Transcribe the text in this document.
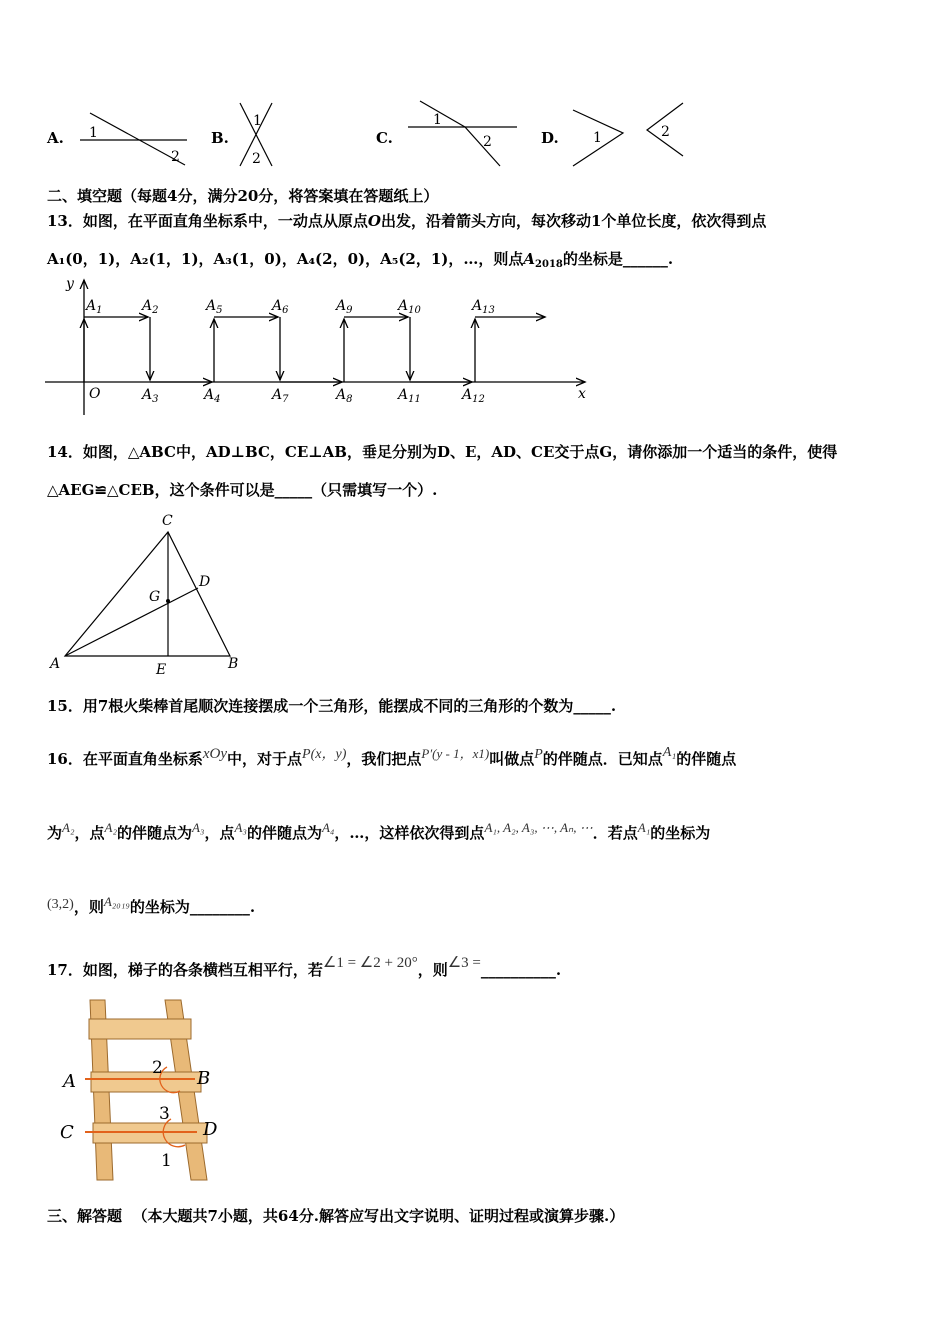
A. 1
2
B.
1
2
C.
1
2	D. 1	2
二、填空题（每题4分，满分20分，将答案填在答题纸上）
13．如图，在平面直角坐标系中，一动点从原点O出发，沿着箭头方向，每次移动1个单位长度，依次得到点
A₁(0，1)，A₂(1，1)，A₃(1，0)，A₄(2，0)，A₅(2，1)，…，则点$A_{2018}$的坐标是______.
y
x
O
$A_1$	$A_2$	$A_5$	$A_6$	$A_9$	$A_{10}$	$A_{13}$
$A_3$	$A_4$	$A_7$	$A_8$	$A_{11}$	$A_{12}$
14．如图，△ABC中，AD⊥BC，CE⊥AB，垂足分别为D、E，AD、CE交于点G，请你添加一个适当的条件，使得
△AEG≌△CEB，这个条件可以是_____（只需填写一个）.
C
D
G
A	E	B
15．用7根火柴棒首尾顺次连接摆成一个三角形，能摆成不同的三角形的个数为_____.
16．在平面直角坐标系xOy中，对于点P(x，y)，我们把点P′(y - 1，x1)叫做点P的伴随点．已知点A₁的伴随点
为A₂，点A₂的伴随点为A₃，点A₃的伴随点为A₄，…，这样依次得到点A₁, A₂, A₃, ⋯, Aₙ, ⋯．若点A₁的坐标为
(3,2)，则A₂₀₁₉的坐标为________.
17．如图，梯子的各条横档互相平行，若∠1 = ∠2 + 20°，则∠3 =__________.
A	B
C	D
2
3
1
三、解答题 （本大题共7小题，共64分.解答应写出文字说明、证明过程或演算步骤.）
